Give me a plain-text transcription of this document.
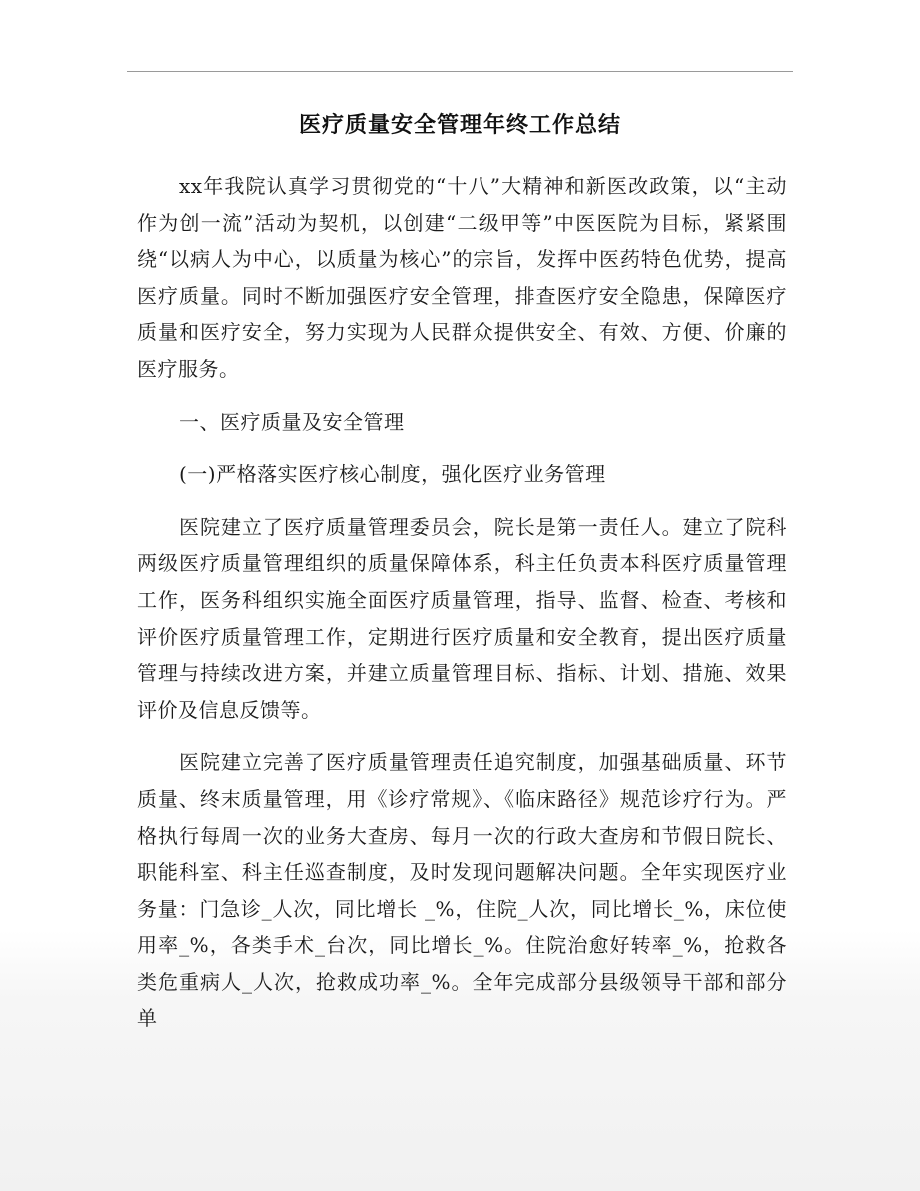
医疗质量安全管理年终工作总结

xx年我院认真学习贯彻党的“十八”大精神和新医改政策，以“主动作为创一流”活动为契机，以创建“二级甲等”中医医院为目标，紧紧围绕“以病人为中心，以质量为核心”的宗旨，发挥中医药特色优势，提高医疗质量。同时不断加强医疗安全管理，排查医疗安全隐患，保障医疗质量和医疗安全，努力实现为人民群众提供安全、有效、方便、价廉的医疗服务。

一、医疗质量及安全管理

(一)严格落实医疗核心制度，强化医疗业务管理

医院建立了医疗质量管理委员会，院长是第一责任人。建立了院科两级医疗质量管理组织的质量保障体系，科主任负责本科医疗质量管理工作，医务科组织实施全面医疗质量管理，指导、监督、检查、考核和评价医疗质量管理工作，定期进行医疗质量和安全教育，提出医疗质量管理与持续改进方案，并建立质量管理目标、指标、计划、措施、效果评价及信息反馈等。

医院建立完善了医疗质量管理责任追究制度，加强基础质量、环节质量、终末质量管理，用《诊疗常规》、《临床路径》规范诊疗行为。严格执行每周一次的业务大查房、每月一次的行政大查房和节假日院长、职能科室、科主任巡查制度，及时发现问题解决问题。全年实现医疗业务量：门急诊_人次，同比增长 _%，住院_人次，同比增长_%，床位使用率_%，各类手术_台次，同比增长_%。住院治愈好转率_%，抢救各类危重病人_人次，抢救成功率_%。全年完成部分县级领导干部和部分单
